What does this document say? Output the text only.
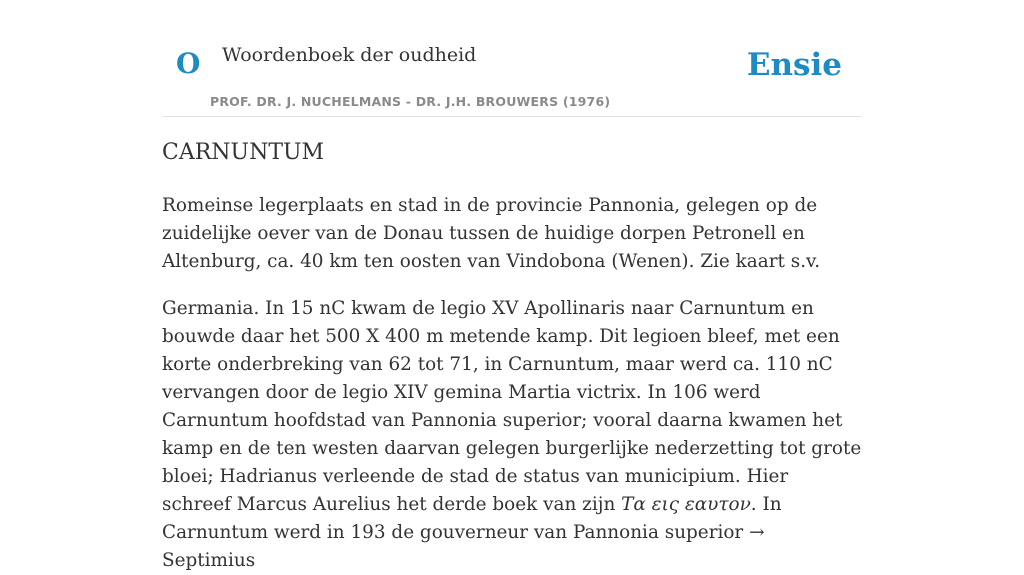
O Woordenboek der oudheid
PROF. DR. J. NUCHELMANS - DR. J.H. BROUWERS (1976)
Ensie
CARNUNTUM

Romeinse legerplaats en stad in de provincie Pannonia, gelegen op de zuidelijke oever van de Donau tussen de huidige dorpen Petronell en Altenburg, ca. 40 km ten oosten van Vindobona (Wenen). Zie kaart s.v.

Germania. In 15 nC kwam de legio XV Apollinaris naar Carnuntum en bouwde daar het 500 X 400 m metende kamp. Dit legioen bleef, met een korte onderbreking van 62 tot 71, in Carnuntum, maar werd ca. 110 nC vervangen door de legio XIV gemina Martia victrix. In 106 werd Carnuntum hoofdstad van Pannonia superior; vooral daarna kwamen het kamp en de ten westen daarvan gelegen burgerlijke nederzetting tot grote bloei; Hadrianus verleende de stad de status van municipium. Hier schreef Marcus Aurelius het derde boek van zijn Τα εις εαυτον. In Carnuntum werd in 193 de gouverneur van Pannonia superior → Septimius
